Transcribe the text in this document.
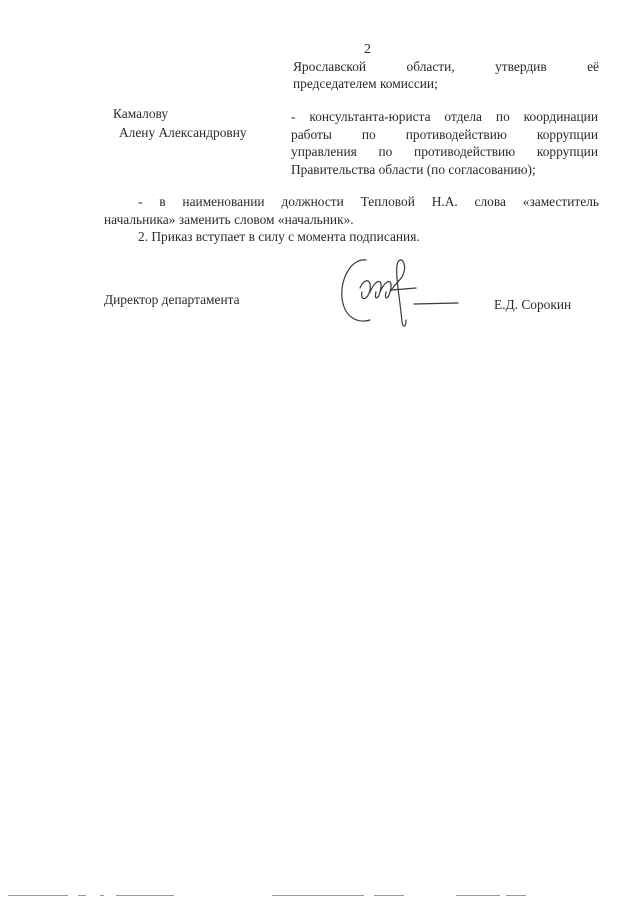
2
Ярославской	области,	утвердив	её
председателем комиссии;
Камалову
Алену Александровну
- консультанта-юриста отдела по координации
работы по противодействию коррупции
управления по противодействию коррупции
Правительства области (по согласованию);
- в наименовании должности Тепловой Н.А. слова «заместитель
начальника» заменить словом «начальник».
2. Приказ вступает в силу с момента подписания.
Директор департамента	Е.Д. Сорокин
